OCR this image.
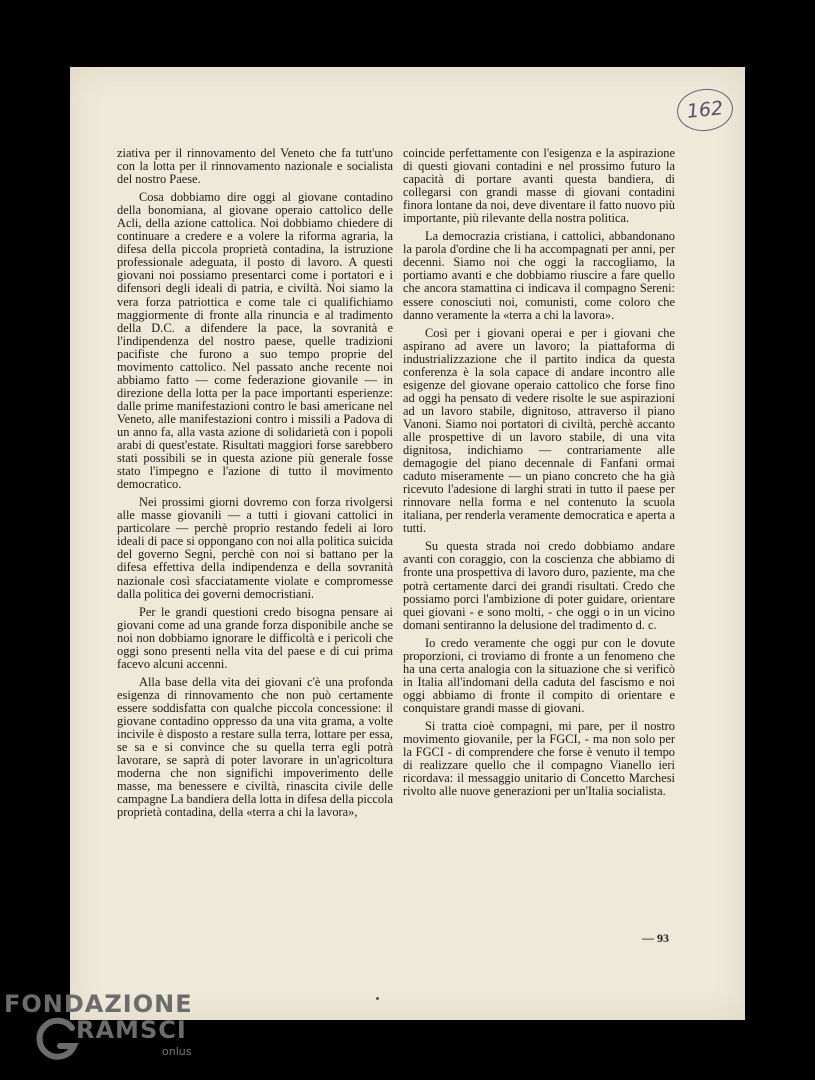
162

ziativa per il rinnovamento del Veneto che fa tutt'uno con la lotta per il rinnovamento nazionale e socialista del nostro Paese.

Cosa dobbiamo dire oggi al giovane contadino della bonomiana, al giovane operaio cattolico delle Acli, della azione cattolica. Noi dobbiamo chiedere di continuare a credere e a volere la riforma agraria, la difesa della piccola proprietà contadina, la istruzione professionale adeguata, il posto di lavoro. A questi giovani noi possiamo presentarci come i portatori e i difensori degli ideali di patria, e civiltà. Noi siamo la vera forza patriottica e come tale ci qualifichiamo maggiormente di fronte alla rinuncia e al tradimento della D.C. a difendere la pace, la sovranità e l'indipendenza del nostro paese, quelle tradizioni pacifiste che furono a suo tempo proprie del movimento cattolico. Nel passato anche recente noi abbiamo fatto — come federazione giovanile — in direzione della lotta per la pace importanti esperienze: dalle prime manifestazioni contro le basi americane nel Veneto, alle manifestazioni contro i missili a Padova di un anno fa, alla vasta azione di solidarietà con i popoli arabi di quest'estate. Risultati maggiori forse sarebbero stati possibili se in questa azione più generale fosse stato l'impegno e l'azione di tutto il movimento democratico.

Nei prossimi giorni dovremo con forza rivolgersi alle masse giovanili — a tutti i giovani cattolici in particolare — perchè proprio restando fedeli ai loro ideali di pace si oppongano con noi alla politica suicida del governo Segni, perchè con noi si battano per la difesa effettiva della indipendenza e della sovranità nazionale così sfacciatamente violate e compromesse dalla politica dei governi democristiani.

Per le grandi questioni credo bisogna pensare ai giovani come ad una grande forza disponibile anche se noi non dobbiamo ignorare le difficoltà e i pericoli che oggi sono presenti nella vita del paese e di cui prima facevo alcuni accenni.

Alla base della vita dei giovani c'è una profonda esigenza di rinnovamento che non può certamente essere soddisfatta con qualche piccola concessione: il giovane contadino oppresso da una vita grama, a volte incivile è disposto a restare sulla terra, lottare per essa, se sa e si convince che su quella terra egli potrà lavorare, se saprà di poter lavorare in un'agricoltura moderna che non significhi impoverimento delle masse, ma benessere e civiltà, rinascita civile delle campagne La bandiera della lotta in difesa della piccola proprietà contadina, della «terra a chi la lavora»,

coincide perfettamente con l'esigenza e la aspirazione di questi giovani contadini e nel prossimo futuro la capacità di portare avanti questa bandiera, di collegarsi con grandi masse di giovani contadini finora lontane da noi, deve diventare il fatto nuovo più importante, più rilevante della nostra politica.

La democrazia cristiana, i cattolici, abbandonano la parola d'ordine che li ha accompagnati per anni, per decenni. Siamo noi che oggi la raccogliamo, la portiamo avanti e che dobbiamo riuscire a fare quello che ancora stamattina ci indicava il compagno Sereni: essere conosciuti noi, comunisti, come coloro che danno veramente la «terra a chi la lavora».

Così per i giovani operai e per i giovani che aspirano ad avere un lavoro; la piattaforma di industrializzazione che il partito indica da questa conferenza è la sola capace di andare incontro alle esigenze del giovane operaio cattolico che forse fino ad oggi ha pensato di vedere risolte le sue aspirazioni ad un lavoro stabile, dignitoso, attraverso il piano Vanoni. Siamo noi portatori di civiltà, perchè accanto alle prospettive di un lavoro stabile, di una vita dignitosa, indichiamo — contrariamente alle demagogie del piano decennale di Fanfani ormai caduto miseramente — un piano concreto che ha già ricevuto l'adesione di larghi strati in tutto il paese per rinnovare nella forma e nel contenuto la scuola italiana, per renderla veramente democratica e aperta a tutti.

Su questa strada noi credo dobbiamo andare avanti con coraggio, con la coscienza che abbiamo di fronte una prospettiva di lavoro duro, paziente, ma che potrà certamente darci dei grandi risultati. Credo che possiamo porci l'ambizione di poter guidare, orientare quei giovani - e sono molti, - che oggi o in un vicino domani sentiranno la delusione del tradimento d. c.

Io credo veramente che oggi pur con le dovute proporzioni, ci troviamo di fronte a un fenomeno che ha una certa analogia con la situazione che si verificò in Italia all'indomani della caduta del fascismo e noi oggi abbiamo di fronte il compito di orientare e conquistare grandi masse di giovani.

Si tratta cioè compagni, mi pare, per il nostro movimento giovanile, per la FGCI, - ma non solo per la FGCI - di comprendere che forse è venuto il tempo di realizzare quello che il compagno Vianello ieri ricordava: il messaggio unitario di Concetto Marchesi rivolto alle nuove generazioni per un'Italia socialista.

— 93
FONDAZIONE
RAMSCI
onlus
